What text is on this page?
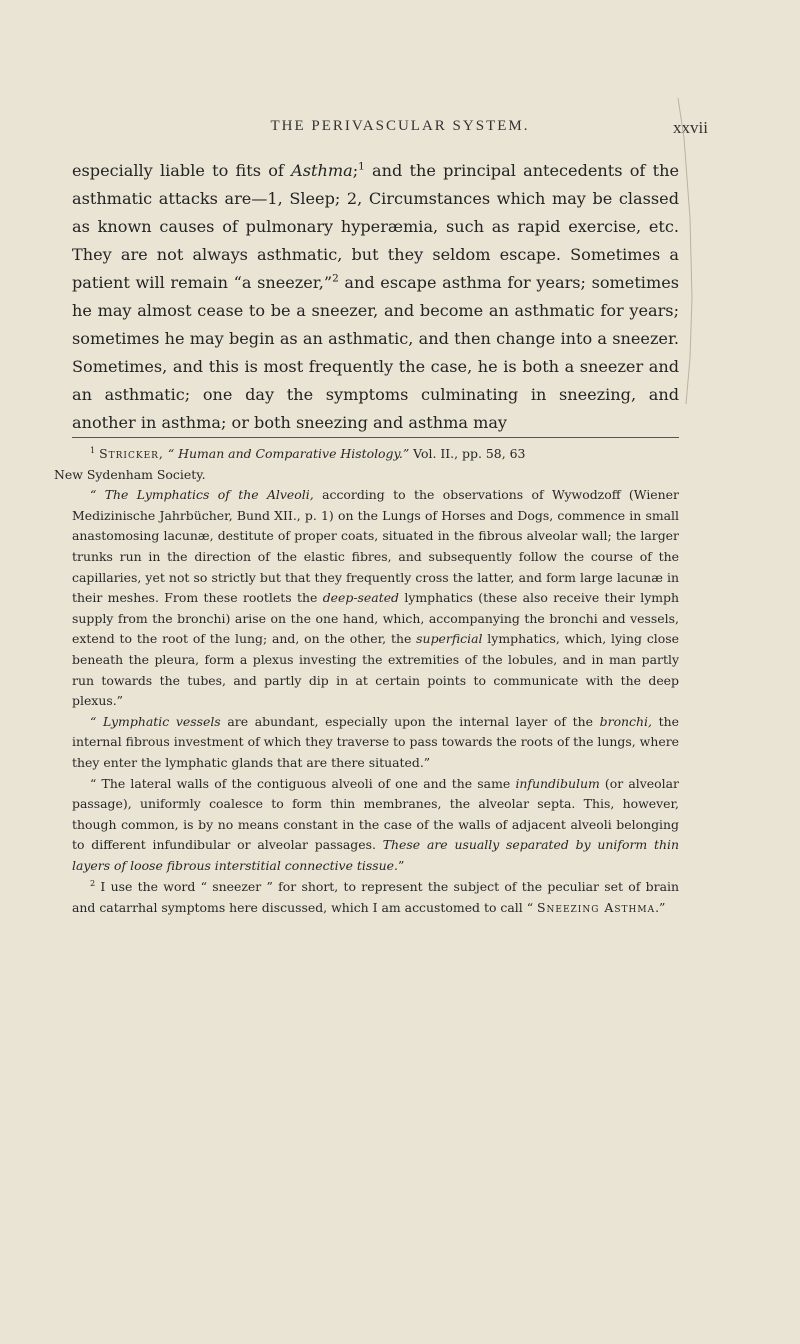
THE PERIVASCULAR SYSTEM.	xxvii

especially liable to fits of Asthma;$^1$ and the principal antecedents of the asthmatic attacks are—1, Sleep; 2, Circumstances which may be classed as known causes of pulmonary hyperæmia, such as rapid exercise, etc. They are not always asthmatic, but they seldom escape. Sometimes a patient will remain “a sneezer,”$^2$ and escape asthma for years; sometimes he may almost cease to be a sneezer, and become an asthmatic for years; sometimes he may begin as an asthmatic, and then change into a sneezer. Sometimes, and this is most frequently the case, he is both a sneezer and an asthmatic; one day the symptoms culminating in sneezing, and another in asthma; or both sneezing and asthma may

$^1$ Stricker, “ Human and Comparative Histology.” Vol. II., pp. 58, 63
New Sydenham Society.

“ The Lymphatics of the Alveoli, according to the observations of Wywodzoff (Wiener Medizinische Jahrbücher, Bund XII., p. 1) on the Lungs of Horses and Dogs, commence in small anastomosing lacunæ, destitute of proper coats, situated in the fibrous alveolar wall; the larger trunks run in the direction of the elastic fibres, and subsequently follow the course of the capillaries, yet not so strictly but that they frequently cross the latter, and form large lacunæ in their meshes. From these rootlets the deep-seated lymphatics (these also receive their lymph supply from the bronchi) arise on the one hand, which, accompanying the bronchi and vessels, extend to the root of the lung; and, on the other, the superficial lymphatics, which, lying close beneath the pleura, form a plexus investing the extremities of the lobules, and in man partly run towards the tubes, and partly dip in at certain points to communicate with the deep plexus.”

“ Lymphatic vessels are abundant, especially upon the internal layer of the bronchi, the internal fibrous investment of which they traverse to pass towards the roots of the lungs, where they enter the lymphatic glands that are there situated.”

“ The lateral walls of the contiguous alveoli of one and the same infundibulum (or alveolar passage), uniformly coalesce to form thin membranes, the alveolar septa. This, however, though common, is by no means constant in the case of the walls of adjacent alveoli belonging to different infundibular or alveolar passages. These are usually separated by uniform thin layers of loose fibrous interstitial connective tissue.”

$^2$ I use the word “ sneezer ” for short, to represent the subject of the peculiar set of brain and catarrhal symptoms here discussed, which I am accustomed to call “ Sneezing Asthma.”
